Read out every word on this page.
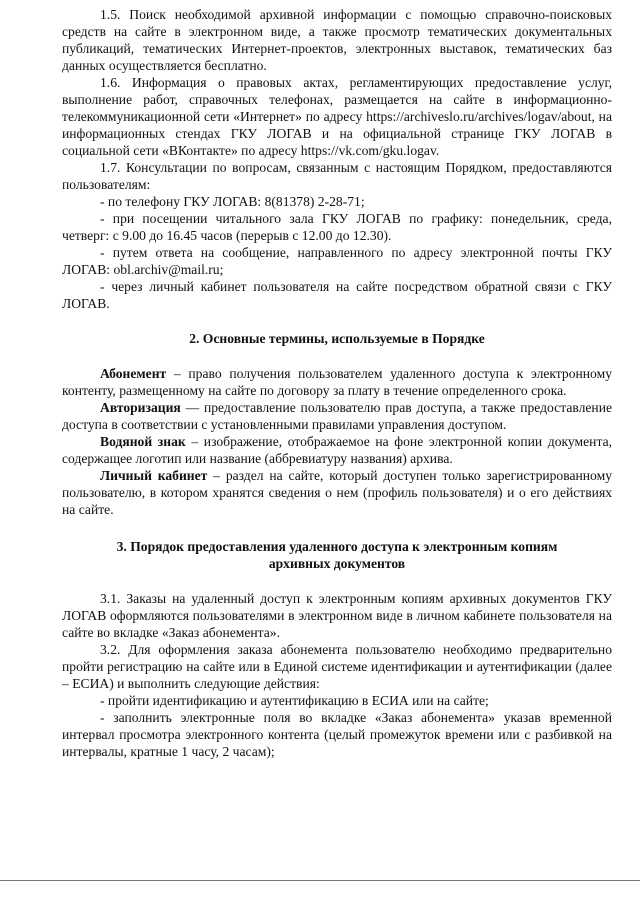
1.5. Поиск необходимой архивной информации с помощью справочно-поисковых средств на сайте в электронном виде, а также просмотр тематических документальных публикаций, тематических Интернет-проектов, электронных выставок, тематических баз данных осуществляется бесплатно.

1.6. Информация о правовых актах, регламентирующих предоставление услуг, выполнение работ, справочных телефонах, размещается на сайте в информационно-телекоммуникационной сети «Интернет» по адресу https://archiveslo.ru/archives/logav/about, на информационных стендах ГКУ ЛОГАВ и на официальной странице ГКУ ЛОГАВ в социальной сети «ВКонтакте» по адресу https://vk.com/gku.logav.

1.7. Консультации по вопросам, связанным с настоящим Порядком, предоставляются пользователям:

- по телефону ГКУ ЛОГАВ: 8(81378) 2-28-71;

- при посещении читального зала ГКУ ЛОГАВ по графику: понедельник, среда, четверг: с 9.00 до 16.45 часов (перерыв с 12.00 до 12.30).

- путем ответа на сообщение, направленного по адресу электронной почты ГКУ ЛОГАВ: obl.archiv@mail.ru;

- через личный кабинет пользователя на сайте посредством обратной связи с ГКУ ЛОГАВ.

2. Основные термины, используемые в Порядке

Абонемент – право получения пользователем удаленного доступа к электронному контенту, размещенному на сайте по договору за плату в течение определенного срока.

Авторизация — предоставление пользователю прав доступа, а также предоставление доступа в соответствии с установленными правилами управления доступом.

Водяной знак – изображение, отображаемое на фоне электронной копии документа, содержащее логотип или название (аббревиатуру названия) архива.

Личный кабинет – раздел на сайте, который доступен только зарегистрированному пользователю, в котором хранятся сведения о нем (профиль пользователя) и о его действиях на сайте.

3. Порядок предоставления удаленного доступа к электронным копиям

архивных документов

3.1. Заказы на удаленный доступ к электронным копиям архивных документов ГКУ ЛОГАВ оформляются пользователями в электронном виде в личном кабинете пользователя на сайте во вкладке «Заказ абонемента».

3.2. Для оформления заказа абонемента пользователю необходимо предварительно пройти регистрацию на сайте или в Единой системе идентификации и аутентификации (далее – ЕСИА) и выполнить следующие действия:

- пройти идентификацию и аутентификацию в ЕСИА или на сайте;

- заполнить электронные поля во вкладке «Заказ абонемента» указав временной интервал просмотра электронного контента (целый промежуток времени или с разбивкой на интервалы, кратные 1 часу, 2 часам);
